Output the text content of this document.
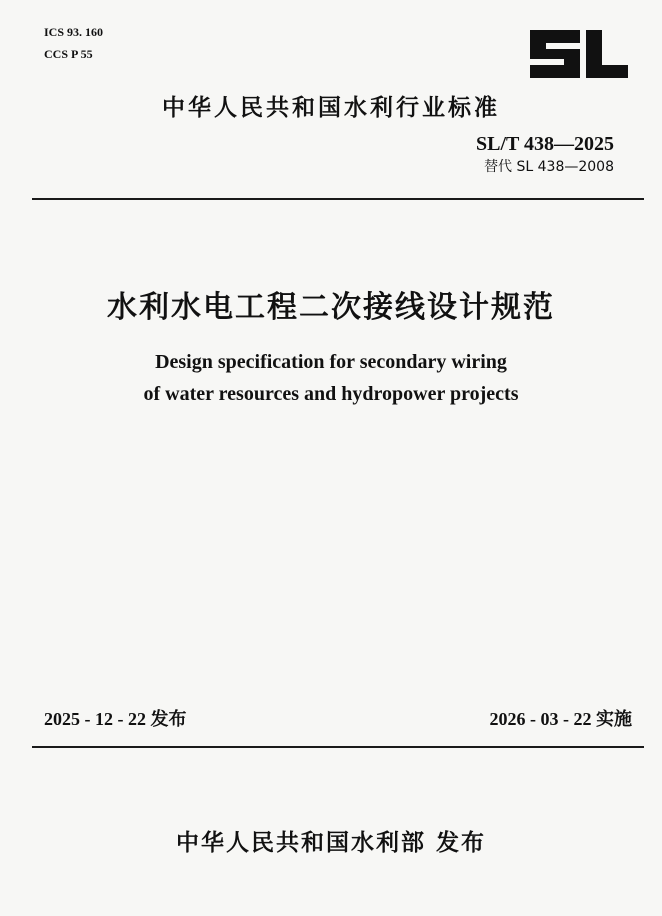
ICS 93. 160
CCS P 55
中华人民共和国水利行业标准
SL/T 438—2025
替代 SL 438—2008
水利水电工程二次接线设计规范
Design specification for secondary wiring
of water resources and hydropower projects
2025 - 12 - 22 发布	2026 - 03 - 22 实施
中华人民共和国水利部 发布
